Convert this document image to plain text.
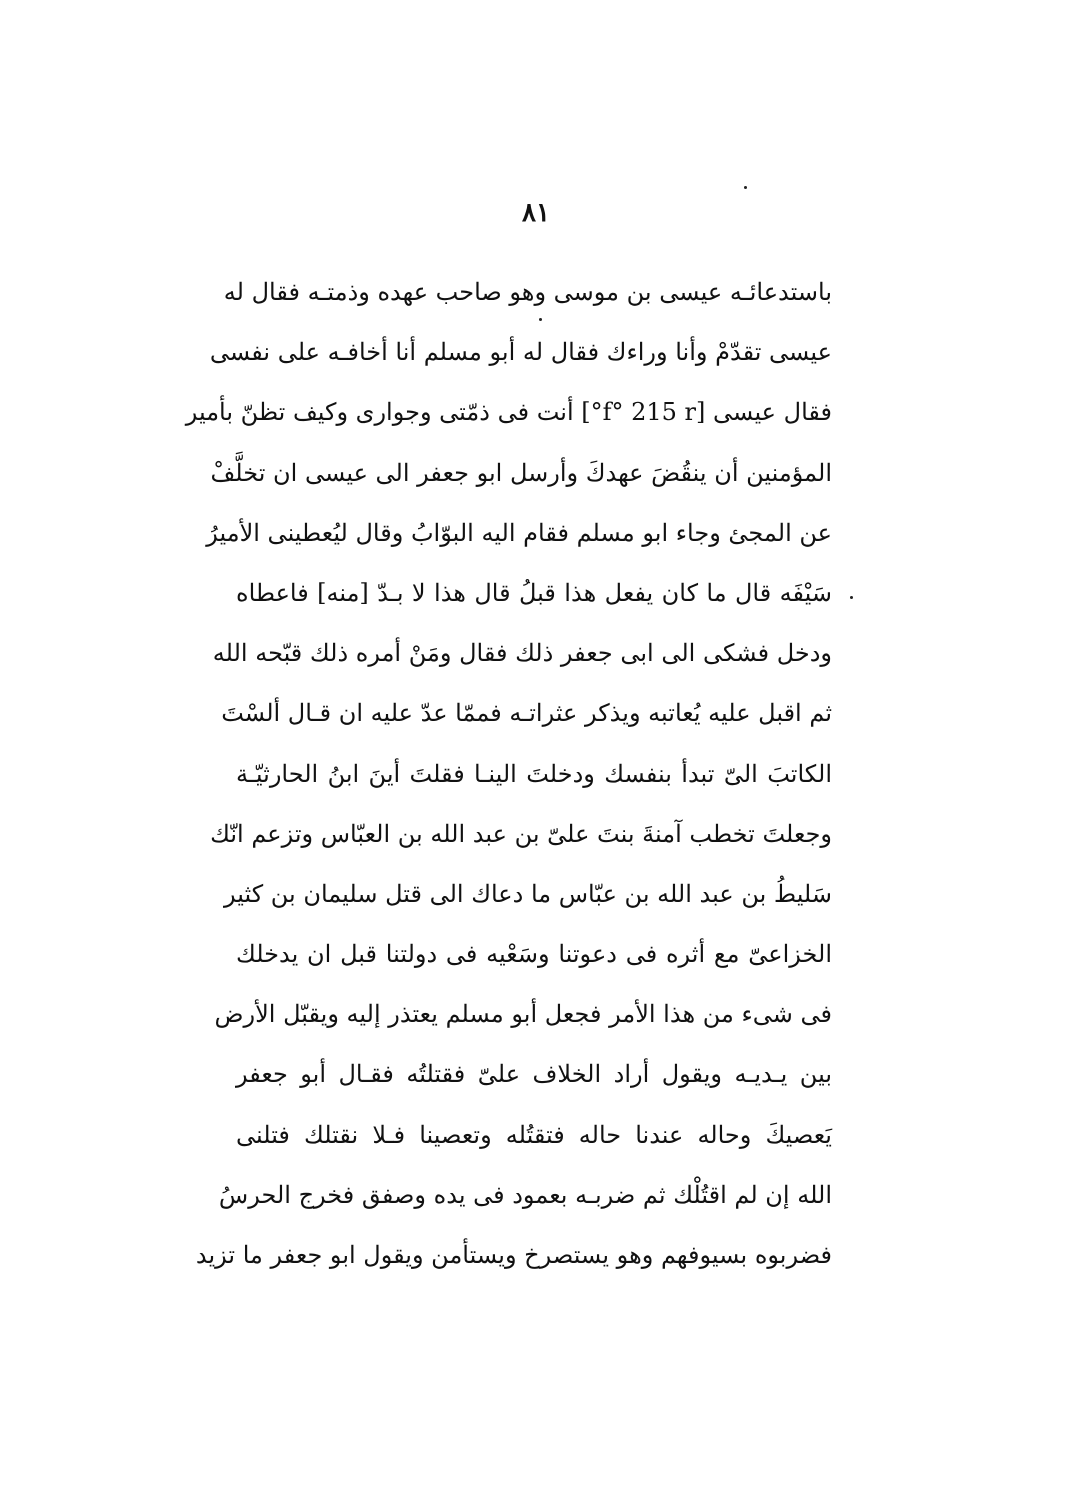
٨١
باستدعائـه عيسى بن موسى وهو صاحب عهده وذمتـه فقال له
عيسى تقدّمْ وأنا وراءك فقال له أبو مسلم أنا أخافـه على نفسى
فقال عيسى [f° 215 r°] أنت فى ذمّتى وجوارى وكيف تظنّ بأمير
المؤمنين أن ينقُضَ عهدكَ وأرسل ابو جعفر الى عيسى ان تخلَّفْ
عن المجئ وجاء ابو مسلم فقام اليه البوّابُ وقال ليُعطينى الأميرُ
سَيْفَه قال ما كان يفعل هذا قبلُ قال هذا لا بـدّ [منه] فاعطاه
ودخل فشكى الى ابى جعفر ذلك فقال ومَنْ أمره ذلك قبّحه الله
ثم اقبل عليه يُعاتبه ويذكر عثراتـه فممّا عدّ عليه ان قـال ألسْتَ
الكاتبَ الىّ تبدأ بنفسك ودخلتَ الينـا فقلتَ أينَ ابنُ الحارثيّـة
وجعلتَ تخطب آمنةَ بنتَ علىّ بن عبد الله بن العبّاس وتزعم انّك
سَليطُ بن عبد الله بن عبّاس ما دعاك الى قتل سليمان بن كثير
الخزاعىّ مع أثره فى دعوتنا وسَعْيه فى دولتنا قبل ان يدخلك
فى شىء من هذا الأمر فجعل أبو مسلم يعتذر إليه ويقبّل الأرض
بين يـديـه ويقول أراد الخلاف علىّ فقتلتُه فقـال أبو جعفر
يَعصيكَ وحاله عندنا حاله فتقتُله وتعصينا فـلا نقتلك فتلنى
الله إن لم اقتُلْك ثم ضربـه بعمود فى يده وصفق فخرج الحرسُ
فضربوه بسيوفهم وهو يستصرخ ويستأمن ويقول ابو جعفر ما تزيد
